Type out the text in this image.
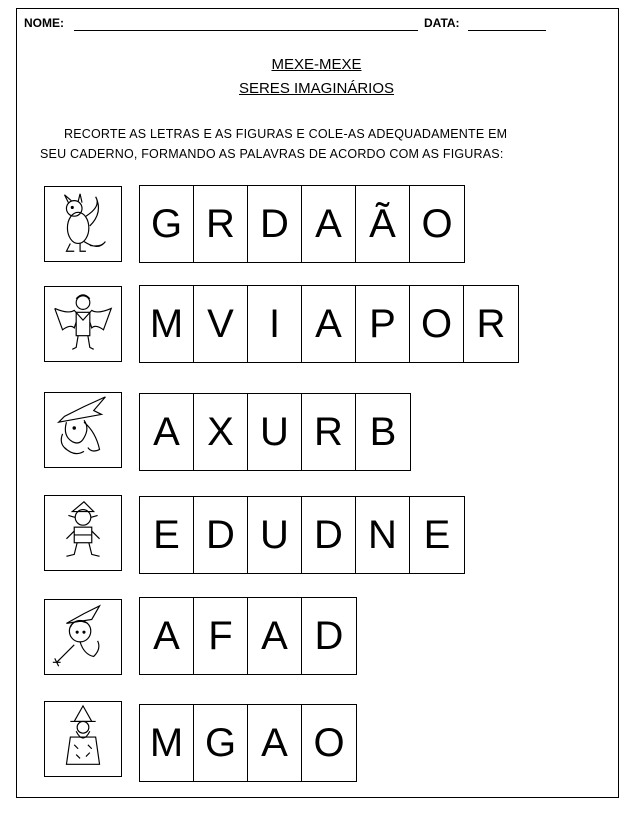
NOME:	DATA:
MEXE-MEXE
SERES IMAGINÁRIOS
RECORTE AS LETRAS E AS FIGURAS E COLE-AS ADEQUADAMENTE EM
SEU CADERNO, FORMANDO AS PALAVRAS DE ACORDO COM AS FIGURAS:
G R D A Ã O
M V I A P O R
A X U R B
E D U D N E
A F A D
M G A O
